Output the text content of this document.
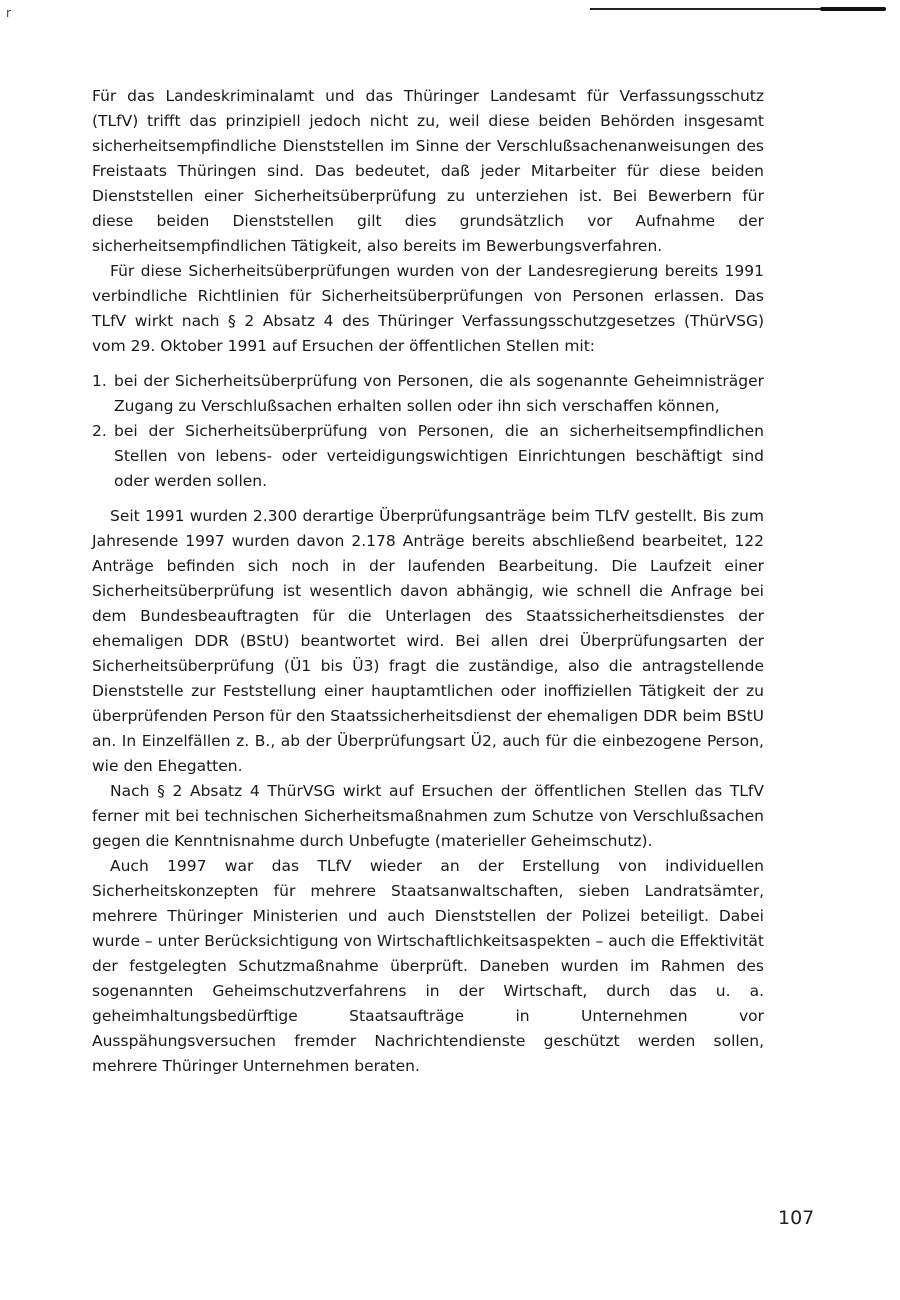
r

Für das Landeskriminalamt und das Thüringer Landesamt für Verfassungsschutz (TLfV) trifft das prinzipiell jedoch nicht zu, weil diese beiden Behörden insgesamt sicherheitsempfindliche Dienststellen im Sinne der Verschlußsachenanweisungen des Freistaats Thüringen sind. Das bedeutet, daß jeder Mitarbeiter für diese beiden Dienststellen einer Sicherheitsüberprüfung zu unterziehen ist. Bei Bewerbern für diese beiden Dienststellen gilt dies grundsätzlich vor Aufnahme der sicherheitsempfindlichen Tätigkeit, also bereits im Bewerbungsverfahren.

Für diese Sicherheitsüberprüfungen wurden von der Landesregierung bereits 1991 verbindliche Richtlinien für Sicherheitsüberprüfungen von Personen erlassen. Das TLfV wirkt nach § 2 Absatz 4 des Thüringer Verfassungsschutzgesetzes (ThürVSG) vom 29. Oktober 1991 auf Ersuchen der öffentlichen Stellen mit:

1. bei der Sicherheitsüberprüfung von Personen, die als sogenannte Geheimnisträger Zugang zu Verschlußsachen erhalten sollen oder ihn sich verschaffen können,
2. bei der Sicherheitsüberprüfung von Personen, die an sicherheitsempfindlichen Stellen von lebens- oder verteidigungswichtigen Einrichtungen beschäftigt sind oder werden sollen.

Seit 1991 wurden 2.300 derartige Überprüfungsanträge beim TLfV gestellt. Bis zum Jahresende 1997 wurden davon 2.178 Anträge bereits abschließend bearbeitet, 122 Anträge befinden sich noch in der laufenden Bearbeitung. Die Laufzeit einer Sicherheitsüberprüfung ist wesentlich davon abhängig, wie schnell die Anfrage bei dem Bundesbeauftragten für die Unterlagen des Staatssicherheitsdienstes der ehemaligen DDR (BStU) beantwortet wird. Bei allen drei Überprüfungsarten der Sicherheitsüberprüfung (Ü1 bis Ü3) fragt die zuständige, also die antragstellende Dienststelle zur Feststellung einer hauptamtlichen oder inoffiziellen Tätigkeit der zu überprüfenden Person für den Staatssicherheitsdienst der ehemaligen DDR beim BStU an. In Einzelfällen z. B., ab der Überprüfungsart Ü2, auch für die einbezogene Person, wie den Ehegatten.

Nach § 2 Absatz 4 ThürVSG wirkt auf Ersuchen der öffentlichen Stellen das TLfV ferner mit bei technischen Sicherheitsmaßnahmen zum Schutze von Verschlußsachen gegen die Kenntnisnahme durch Unbefugte (materieller Geheimschutz).

Auch 1997 war das TLfV wieder an der Erstellung von individuellen Sicherheitskonzepten für mehrere Staatsanwaltschaften, sieben Landratsämter, mehrere Thüringer Ministerien und auch Dienststellen der Polizei beteiligt. Dabei wurde – unter Berücksichtigung von Wirtschaftlichkeitsaspekten – auch die Effektivität der festgelegten Schutzmaßnahme überprüft. Daneben wurden im Rahmen des sogenannten Geheimschutzverfahrens in der Wirtschaft, durch das u. a. geheimhaltungsbedürftige Staatsaufträge in Unternehmen vor Ausspähungsversuchen fremder Nachrichtendienste geschützt werden sollen, mehrere Thüringer Unternehmen beraten.

107
